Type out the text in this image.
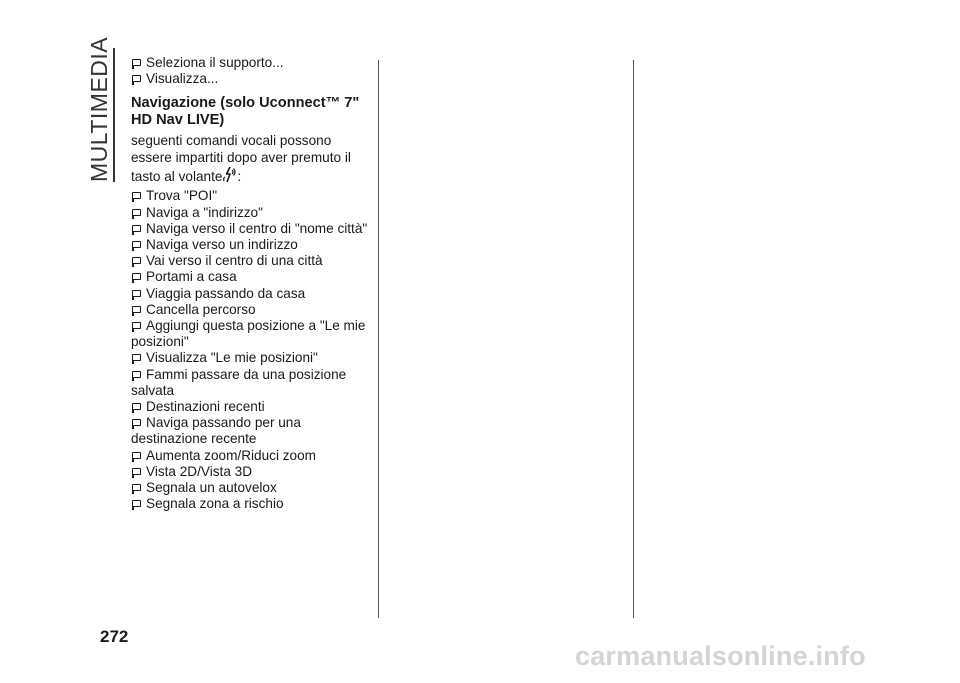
MULTIMEDIA	Seleziona il supporto...
Visualizza...
Navigazione (solo Uconnect™ 7"
HD Nav LIVE)
seguenti comandi vocali possono
essere impartiti dopo aver premuto il
tasto al volante :
Trova "POI"
Naviga a "indirizzo"
Naviga verso il centro di "nome città"
Naviga verso un indirizzo
Vai verso il centro di una città
Portami a casa
Viaggia passando da casa
Cancella percorso
Aggiungi questa posizione a "Le mie
posizioni"
Visualizza "Le mie posizioni"
Fammi passare da una posizione
salvata
Destinazioni recenti
Naviga passando per una
destinazione recente
Aumenta zoom/Riduci zoom
Vista 2D/Vista 3D
Segnala un autovelox
Segnala zona a rischio
272
carmanualsonline.info
